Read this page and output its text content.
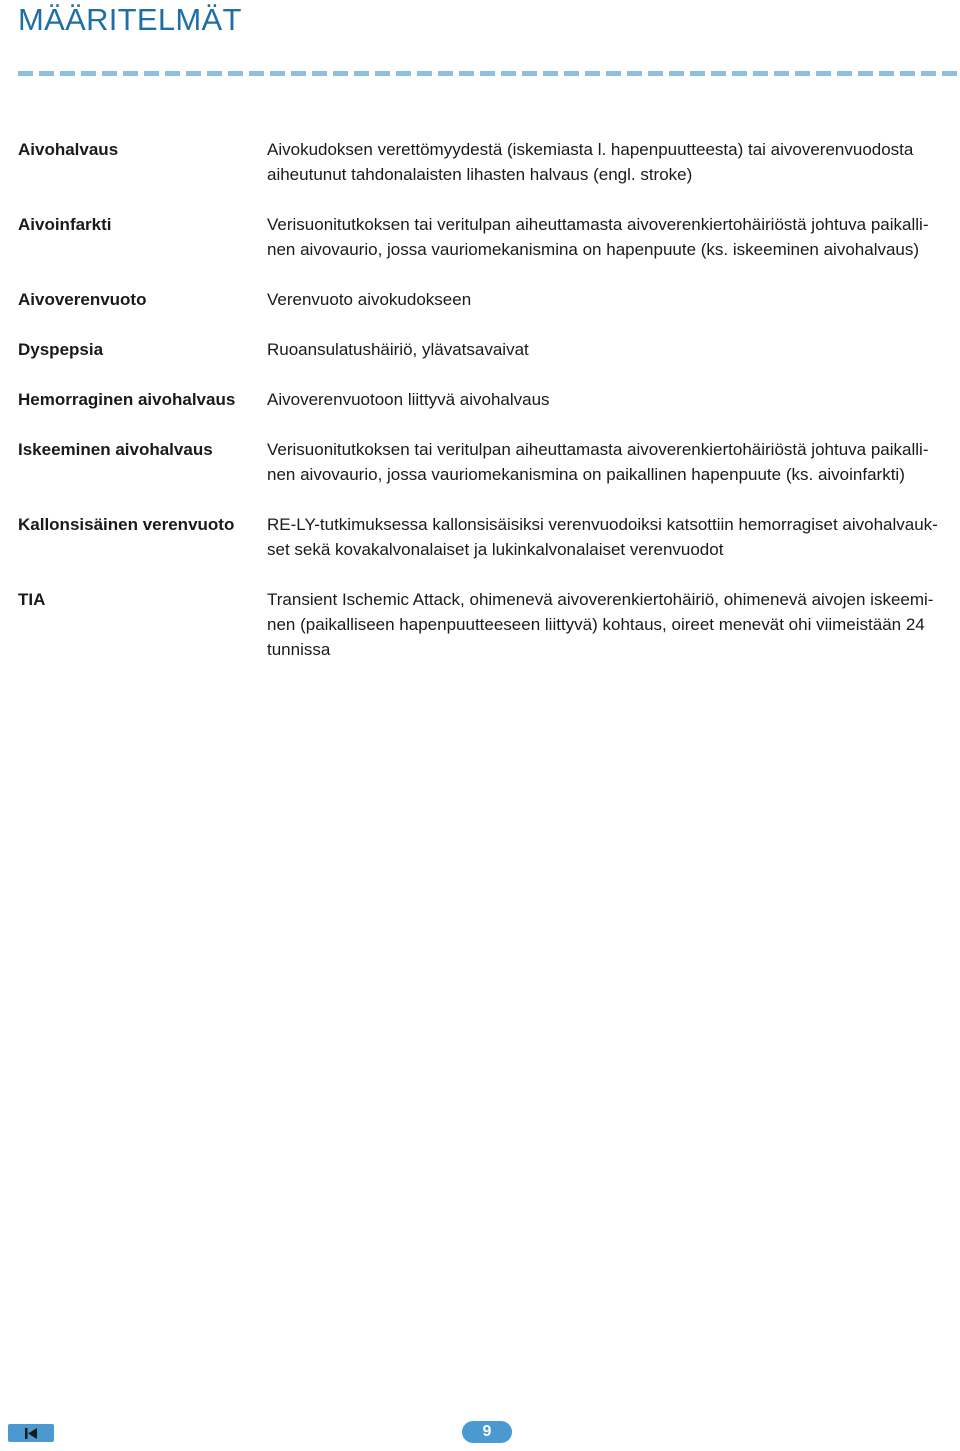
MÄÄRITELMÄT
Aivohalvaus	Aivokudoksen verettömyydestä (iskemiasta l. hapenpuutteesta) tai aivoverenvuodosta
aiheutunut tahdonalaisten lihasten halvaus (engl. stroke)
Aivoinfarkti	Verisuonitutkoksen tai veritulpan aiheuttamasta aivoverenkiertohäiriöstä johtuva paikalli-
nen aivovaurio, jossa vauriomekanismina on hapenpuute (ks. iskeeminen aivohalvaus)
Aivoverenvuoto	Verenvuoto aivokudokseen
Dyspepsia	Ruoansulatushäiriö, ylävatsavaivat
Hemorraginen aivohalvaus	Aivoverenvuotoon liittyvä aivohalvaus
Iskeeminen aivohalvaus	Verisuonitutkoksen tai veritulpan aiheuttamasta aivoverenkiertohäiriöstä johtuva paikalli-
nen aivovaurio, jossa vauriomekanismina on paikallinen hapenpuute (ks. aivoinfarkti)
Kallonsisäinen verenvuoto	RE-LY-tutkimuksessa kallonsisäisiksi verenvuodoiksi katsottiin hemorragiset aivohalvauk-
set sekä kovakalvonalaiset ja lukinkalvonalaiset verenvuodot
TIA	Transient Ischemic Attack, ohimenevä aivoverenkiertohäiriö, ohimenevä aivojen iskeemi-
nen (paikalliseen hapenpuutteeseen liittyvä) kohtaus, oireet menevät ohi viimeistään 24
tunnissa
9
